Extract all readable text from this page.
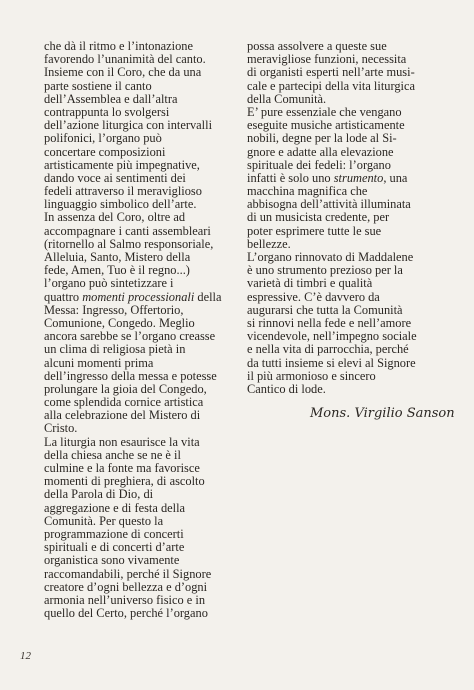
che dà il ritmo e l’intonazione
favorendo l’unanimità del canto.
Insieme con il Coro, che da una
parte sostiene il canto
dell’Assemblea e dall’altra
contrappunta lo svolgersi
dell’azione liturgica con intervalli
polifonici, l’organo può
concertare composizioni
artisticamente più impegnative,
dando voce ai sentimenti dei
fedeli attraverso il meraviglioso
linguaggio simbolico dell’arte.
In assenza del Coro, oltre ad
accompagnare i canti assembleari
(ritornello al Salmo responsoriale,
Alleluia, Santo, Mistero della
fede, Amen, Tuo è il regno...)
l’organo può sintetizzare i
quattro momenti processionali della
Messa: Ingresso, Offertorio,
Comunione, Congedo. Meglio
ancora sarebbe se l’organo creasse
un clima di religiosa pietà in
alcuni momenti prima
dell’ingresso della messa e potesse
prolungare la gioia del Congedo,
come splendida cornice artistica
alla celebrazione del Mistero di
Cristo.
La liturgia non esaurisce la vita
della chiesa anche se ne è il
culmine e la fonte ma favorisce
momenti di preghiera, di ascolto
della Parola di Dio, di
aggregazione e di festa della
Comunità. Per questo la
programmazione di concerti
spirituali e di concerti d’arte
organistica sono vivamente
raccomandabili, perché il Signore
creatore d’ogni bellezza e d’ogni
armonia nell’universo fisico e in
quello del Certo, perché l’organo
possa assolvere a queste sue
meravigliose funzioni, necessita
di organisti esperti nell’arte musi-
cale e partecipi della vita liturgica
della Comunità.
E’ pure essenziale che vengano
eseguite musiche artisticamente
nobili, degne per la lode al Si-
gnore e adatte alla elevazione
spirituale dei fedeli: l’organo
infatti è solo uno strumento, una
macchina magnifica che
abbisogna dell’attività illuminata
di un musicista credente, per
poter esprimere tutte le sue
bellezze.
L’organo rinnovato di Maddalene
è uno strumento prezioso per la
varietà di timbri e qualità
espressive. C’è davvero da
augurarsi che tutta la Comunità
si rinnovi nella fede e nell’amore
vicendevole, nell’impegno sociale
e nella vita di parrocchia, perché
da tutti insieme si elevi al Signore
il più armonioso e sincero
Cantico di lode.
Mons. Virgilio Sanson
12
